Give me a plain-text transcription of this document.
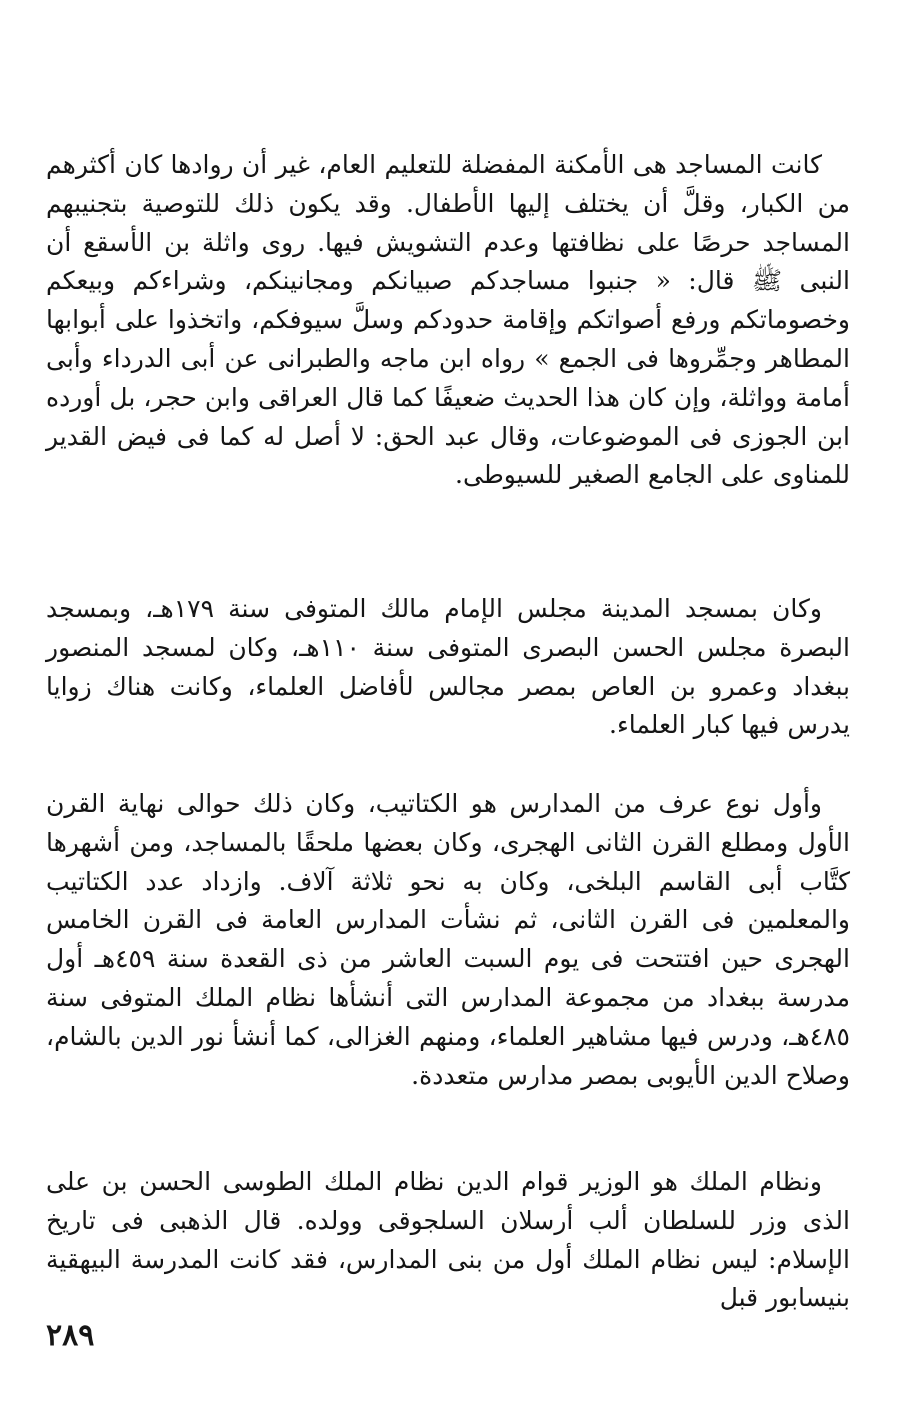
كانت المساجد هى الأمكنة المفضلة للتعليم العام، غير أن روادها كان أكثرهم من الكبار، وقلَّ أن يختلف إليها الأطفال. وقد يكون ذلك للتوصية بتجنيبهم المساجد حرصًا على نظافتها وعدم التشويش فيها. روى واثلة بن الأسقع أن النبى ﷺ قال: « جنبوا مساجدكم صبيانكم ومجانينكم، وشراءكم وبيعكم وخصوماتكم ورفع أصواتكم وإقامة حدودكم وسلَّ سيوفكم، واتخذوا على أبوابها المطاهر وجمِّروها فى الجمع » رواه ابن ماجه والطبرانى عن أبى الدرداء وأبى أمامة وواثلة، وإن كان هذا الحديث ضعيفًا كما قال العراقى وابن حجر، بل أورده ابن الجوزى فى الموضوعات، وقال عبد الحق: لا أصل له كما فى فيض القدير للمناوى على الجامع الصغير للسيوطى.

وكان بمسجد المدينة مجلس الإمام مالك المتوفى سنة ١٧٩هـ، وبمسجد البصرة مجلس الحسن البصرى المتوفى سنة ١١٠هـ، وكان لمسجد المنصور ببغداد وعمرو بن العاص بمصر مجالس لأفاضل العلماء، وكانت هناك زوايا يدرس فيها كبار العلماء.

وأول نوع عرف من المدارس هو الكتاتيب، وكان ذلك حوالى نهاية القرن الأول ومطلع القرن الثانى الهجرى، وكان بعضها ملحقًا بالمساجد، ومن أشهرها كتَّاب أبى القاسم البلخى، وكان به نحو ثلاثة آلاف. وازداد عدد الكتاتيب والمعلمين فى القرن الثانى، ثم نشأت المدارس العامة فى القرن الخامس الهجرى حين افتتحت فى يوم السبت العاشر من ذى القعدة سنة ٤٥٩هـ أول مدرسة ببغداد من مجموعة المدارس التى أنشأها نظام الملك المتوفى سنة ٤٨٥هـ، ودرس فيها مشاهير العلماء، ومنهم الغزالى، كما أنشأ نور الدين بالشام، وصلاح الدين الأيوبى بمصر مدارس متعددة.

ونظام الملك هو الوزير قوام الدين نظام الملك الطوسى الحسن بن على الذى وزر للسلطان ألب أرسلان السلجوقى وولده. قال الذهبى فى تاريخ الإسلام: ليس نظام الملك أول من بنى المدارس، فقد كانت المدرسة البيهقية بنيسابور قبل

٢٨٩
